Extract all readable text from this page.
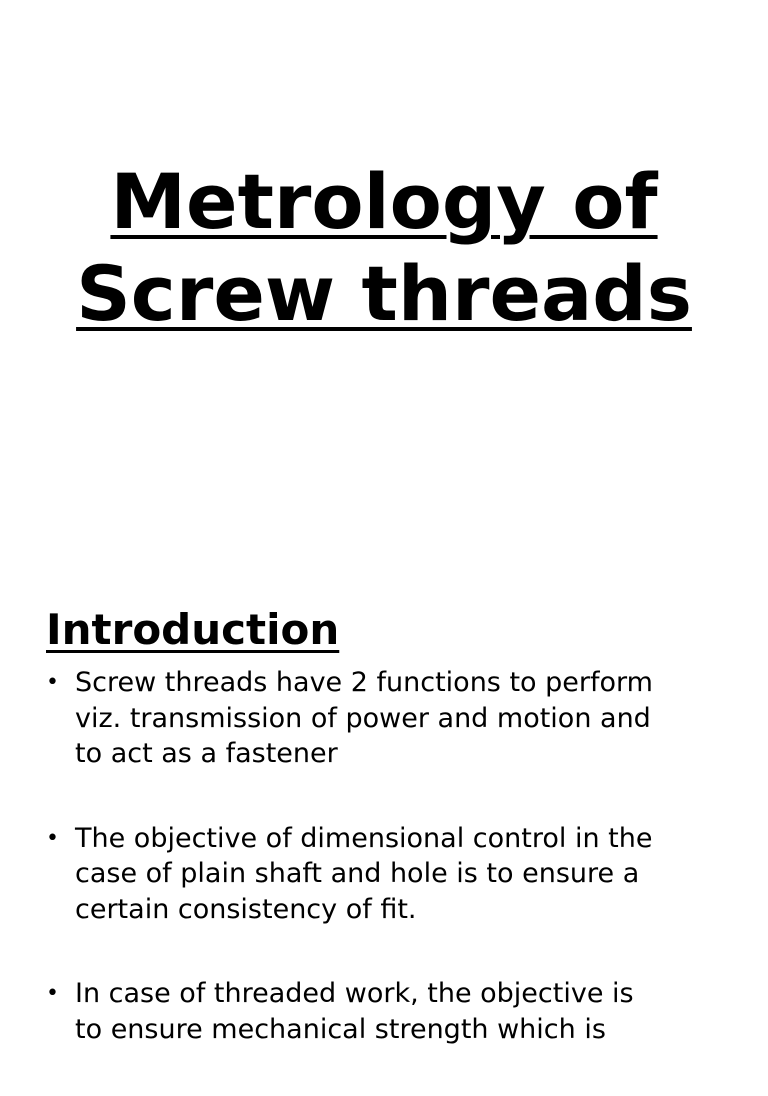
Metrology of
Screw threads
Introduction
• Screw threads have 2 functions to perform
viz. transmission of power and motion and
to act as a fastener
• The objective of dimensional control in the
case of plain shaft and hole is to ensure a
certain consistency of fit.
• In case of threaded work, the objective is
to ensure mechanical strength which is
